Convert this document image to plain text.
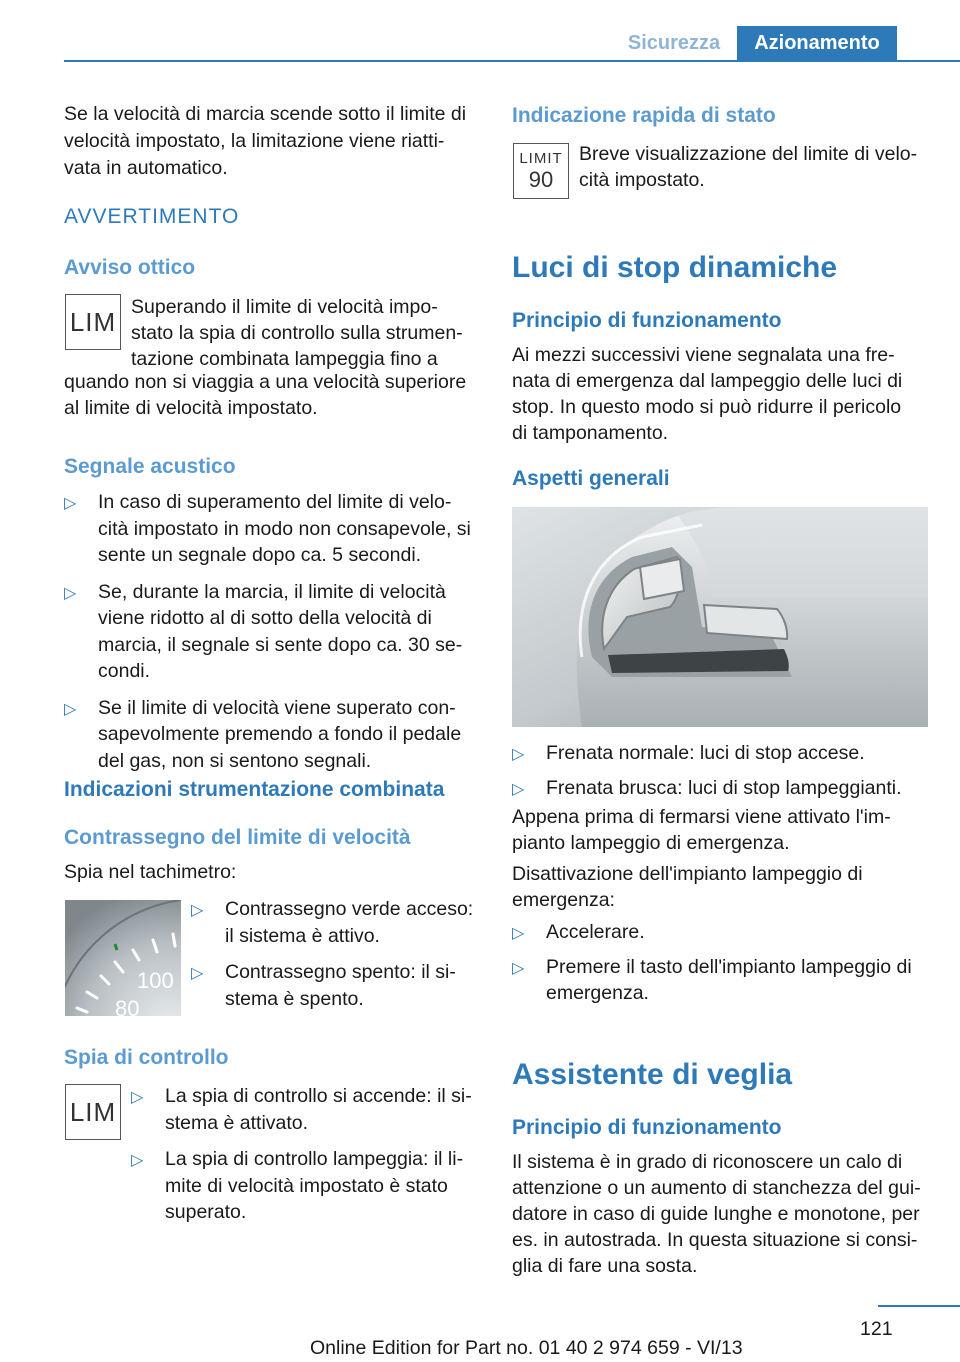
Sicurezza	Azionamento

Se la velocità di marcia scende sotto il limite di

velocità impostato, la limitazione viene riatti-

vata in automatico.

AVVERTIMENTO
Avviso ottico
LIM Superando il limite di velocità impo-

stato la spia di controllo sulla strumen-

tazione combinata lampeggia fino a

quando non si viaggia a una velocità superiore

al limite di velocità impostato.

Segnale acustico
▷ In caso di superamento del limite di velo-
cità impostato in modo non consapevole, si
sente un segnale dopo ca. 5 secondi.
▷ Se, durante la marcia, il limite di velocità
viene ridotto al di sotto della velocità di
marcia, il segnale si sente dopo ca. 30 se-
condi.
▷ Se il limite di velocità viene superato con-
sapevolmente premendo a fondo il pedale
del gas, non si sentono segnali.
Indicazioni strumentazione combinata
Contrassegno del limite di velocità

Spia nel tachimetro:

100
80
▷ Contrassegno verde acceso:
il sistema è attivo.
▷ Contrassegno spento: il si-
stema è spento.
Spia di controllo
LIM ▷ La spia di controllo si accende: il si-
stema è attivato.
▷ La spia di controllo lampeggia: il li-
mite di velocità impostato è stato
superato.
Indicazione rapida di stato
LIMIT
90

Breve visualizzazione del limite di velo-

cità impostato.

Luci di stop dinamiche
Principio di funzionamento

Ai mezzi successivi viene segnalata una fre-

nata di emergenza dal lampeggio delle luci di

stop. In questo modo si può ridurre il pericolo

di tamponamento.

Aspetti generali
▷ Frenata normale: luci di stop accese.
▷ Frenata brusca: luci di stop lampeggianti.

Appena prima di fermarsi viene attivato l'im-

pianto lampeggio di emergenza.

Disattivazione dell'impianto lampeggio di

emergenza:

▷ Accelerare.
▷ Premere il tasto dell'impianto lampeggio di
emergenza.
Assistente di veglia
Principio di funzionamento

Il sistema è in grado di riconoscere un calo di

attenzione o un aumento di stanchezza del gui-

datore in caso di guide lunghe e monotone, per

es. in autostrada. In questa situazione si consi-

glia di fare una sosta.

121
Online Edition for Part no. 01 40 2 974 659 - VI/13
